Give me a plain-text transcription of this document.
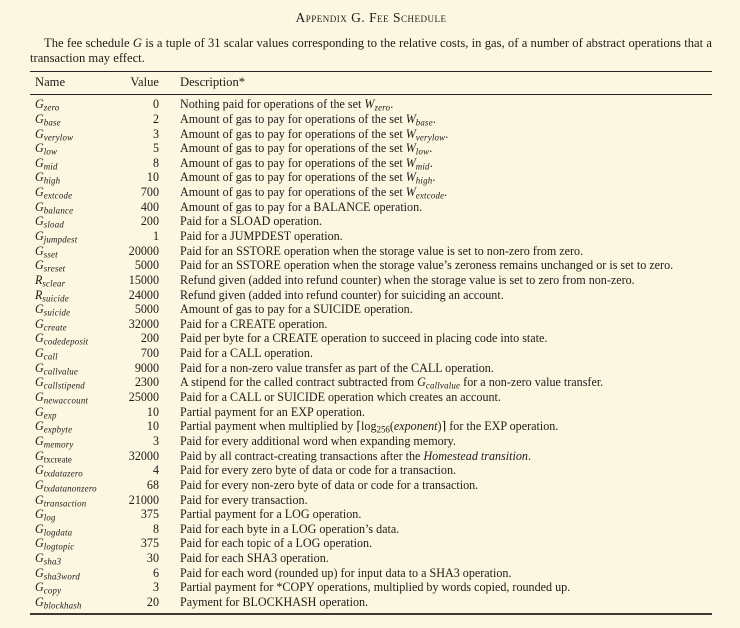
Appendix G. Fee Schedule

The fee schedule G is a tuple of 31 scalar values corresponding to the relative costs, in gas, of a number of abstract operations that a transaction may effect.

Name	Value	Description*
$G_{zero}$	0	Nothing paid for operations of the set $W_{zero}$.
$G_{base}$	2	Amount of gas to pay for operations of the set $W_{base}$.
$G_{verylow}$	3	Amount of gas to pay for operations of the set $W_{verylow}$.
$G_{low}$	5	Amount of gas to pay for operations of the set $W_{low}$.
$G_{mid}$	8	Amount of gas to pay for operations of the set $W_{mid}$.
$G_{high}$	10	Amount of gas to pay for operations of the set $W_{high}$.
$G_{extcode}$	700	Amount of gas to pay for operations of the set $W_{extcode}$.
$G_{balance}$	400	Amount of gas to pay for a BALANCE operation.
$G_{sload}$	200	Paid for a SLOAD operation.
$G_{jumpdest}$	1	Paid for a JUMPDEST operation.
$G_{sset}$	20000	Paid for an SSTORE operation when the storage value is set to non-zero from zero.
$G_{sreset}$	5000	Paid for an SSTORE operation when the storage value’s zeroness remains unchanged or is set to zero.
$R_{sclear}$	15000	Refund given (added into refund counter) when the storage value is set to zero from non-zero.
$R_{suicide}$	24000	Refund given (added into refund counter) for suiciding an account.
$G_{suicide}$	5000	Amount of gas to pay for a SUICIDE operation.
$G_{create}$	32000	Paid for a CREATE operation.
$G_{codedeposit}$	200	Paid per byte for a CREATE operation to succeed in placing code into state.
$G_{call}$	700	Paid for a CALL operation.
$G_{callvalue}$	9000	Paid for a non-zero value transfer as part of the CALL operation.
$G_{callstipend}$	2300	A stipend for the called contract subtracted from $G_{callvalue}$ for a non-zero value transfer.
$G_{newaccount}$	25000	Paid for a CALL or SUICIDE operation which creates an account.
$G_{exp}$	10	Partial payment for an EXP operation.
$G_{expbyte}$	10	Partial payment when multiplied by $⌈\log_{256}(exponent)⌉$ for the EXP operation.
$G_{memory}$	3	Paid for every additional word when expanding memory.
$G_{txcreate}$	32000	Paid by all contract-creating transactions after the Homestead transition.
$G_{txdatazero}$	4	Paid for every zero byte of data or code for a transaction.
$G_{txdatanonzero}$	68	Paid for every non-zero byte of data or code for a transaction.
$G_{transaction}$	21000	Paid for every transaction.
$G_{log}$	375	Partial payment for a LOG operation.
$G_{logdata}$	8	Paid for each byte in a LOG operation’s data.
$G_{logtopic}$	375	Paid for each topic of a LOG operation.
$G_{sha3}$	30	Paid for each SHA3 operation.
$G_{sha3word}$	6	Paid for each word (rounded up) for input data to a SHA3 operation.
$G_{copy}$	3	Partial payment for *COPY operations, multiplied by words copied, rounded up.
$G_{blockhash}$	20	Payment for BLOCKHASH operation.
